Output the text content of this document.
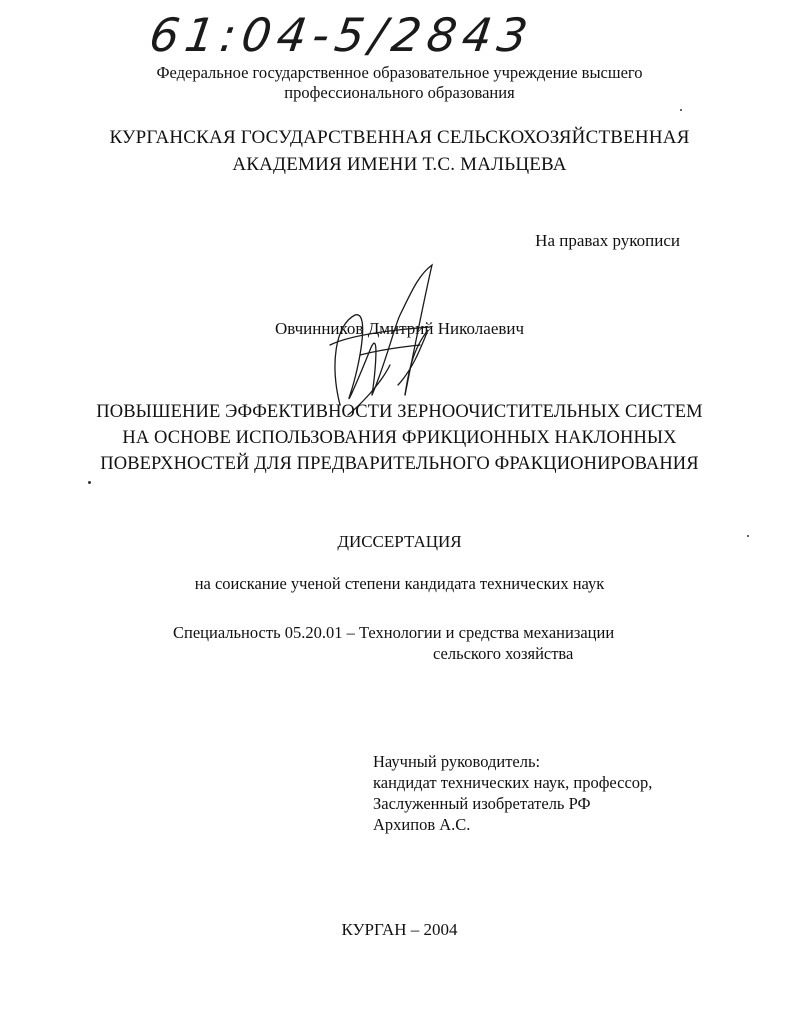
61:04-5/2843
Федеральное государственное образовательное учреждение высшего
профессионального образования
КУРГАНСКАЯ ГОСУДАРСТВЕННАЯ СЕЛЬСКОХОЗЯЙСТВЕННАЯ
АКАДЕМИЯ ИМЕНИ Т.С. МАЛЬЦЕВА
На правах рукописи
Овчинников Дмитрий Николаевич
ПОВЫШЕНИЕ ЭФФЕКТИВНОСТИ ЗЕРНООЧИСТИТЕЛЬНЫХ СИСТЕМ
НА ОСНОВЕ ИСПОЛЬЗОВАНИЯ ФРИКЦИОННЫХ НАКЛОННЫХ
ПОВЕРХНОСТЕЙ ДЛЯ ПРЕДВАРИТЕЛЬНОГО ФРАКЦИОНИРОВАНИЯ
ДИССЕРТАЦИЯ
на соискание ученой степени кандидата технических наук
Специальность 05.20.01 – Технологии и средства механизации
сельского хозяйства
Научный руководитель:
кандидат технических наук, профессор,
Заслуженный изобретатель РФ
Архипов А.С.
КУРГАН – 2004
